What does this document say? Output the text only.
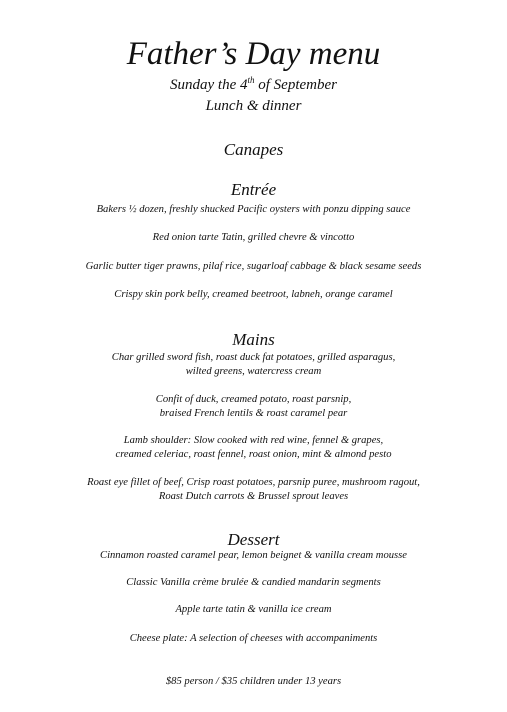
Father’s Day menu
Sunday the 4th of September
Lunch & dinner
Canapes
Entrée
Bakers ½ dozen, freshly shucked Pacific oysters with ponzu dipping sauce
Red onion tarte Tatin, grilled chevre & vincotto
Garlic butter tiger prawns, pilaf rice, sugarloaf cabbage & black sesame seeds
Crispy skin pork belly, creamed beetroot, labneh, orange caramel
Mains
Char grilled sword fish, roast duck fat potatoes, grilled asparagus,
wilted greens, watercress cream
Confit of duck, creamed potato, roast parsnip,
braised French lentils & roast caramel pear
Lamb shoulder: Slow cooked with red wine, fennel & grapes,
creamed celeriac, roast fennel, roast onion, mint & almond pesto
Roast eye fillet of beef, Crisp roast potatoes, parsnip puree, mushroom ragout,
Roast Dutch carrots & Brussel sprout leaves
Dessert
Cinnamon roasted caramel pear, lemon beignet & vanilla cream mousse
Classic Vanilla crème brulée & candied mandarin segments
Apple tarte tatin & vanilla ice cream
Cheese plate: A selection of cheeses with accompaniments
$85 person / $35 children under 13 years
